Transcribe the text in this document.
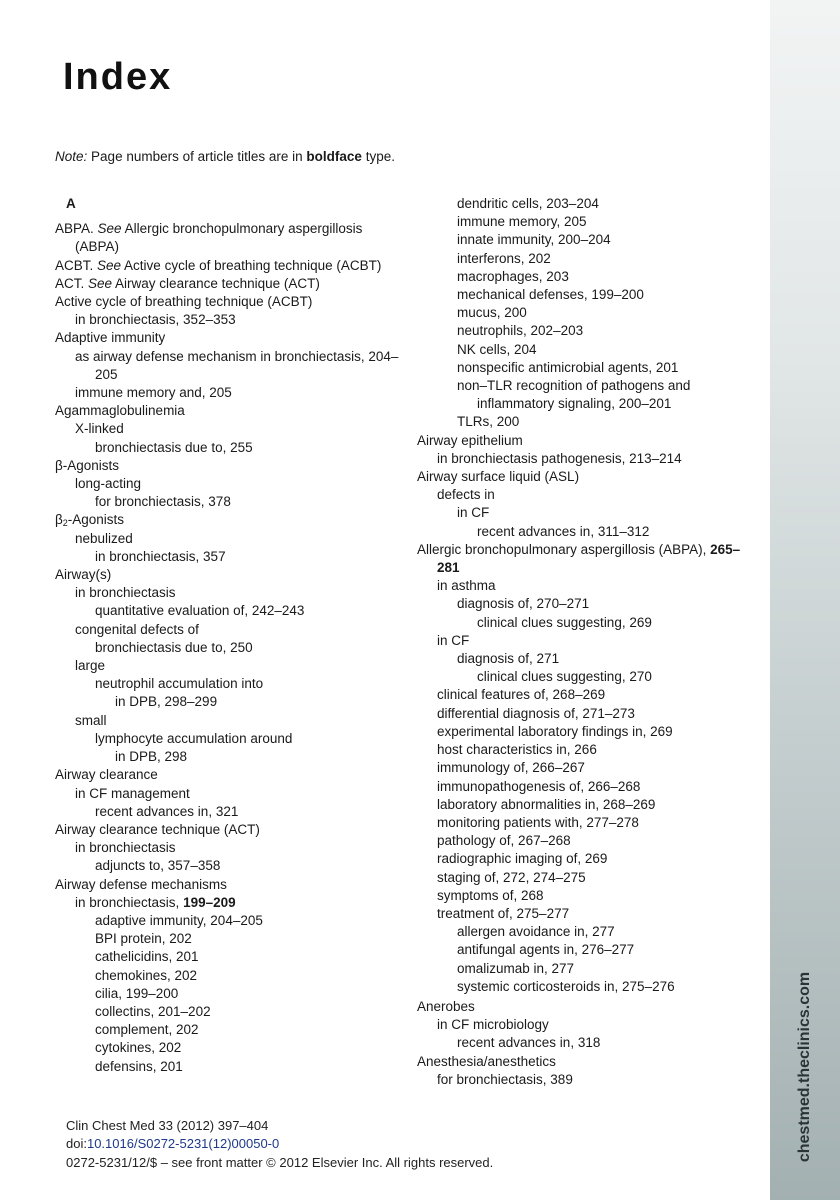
chestmed.theclinics.com
Index
Note: Page numbers of article titles are in boldface type.
A
ABPA. See Allergic bronchopulmonary aspergillosis (ABPA)
ACBT. See Active cycle of breathing technique (ACBT)
ACT. See Airway clearance technique (ACT)
Active cycle of breathing technique (ACBT)
in bronchiectasis, 352–353
Adaptive immunity
as airway defense mechanism in bronchiectasis, 204–205
immune memory and, 205
Agammaglobulinemia
X-linked
bronchiectasis due to, 255
β-Agonists
long-acting
for bronchiectasis, 378
$\beta_2$-Agonists
nebulized
in bronchiectasis, 357
Airway(s)
in bronchiectasis
quantitative evaluation of, 242–243
congenital defects of
bronchiectasis due to, 250
large
neutrophil accumulation into
in DPB, 298–299
small
lymphocyte accumulation around
in DPB, 298
Airway clearance
in CF management
recent advances in, 321
Airway clearance technique (ACT)
in bronchiectasis
adjuncts to, 357–358
Airway defense mechanisms
in bronchiectasis, 199–209
adaptive immunity, 204–205
BPI protein, 202
cathelicidins, 201
chemokines, 202
cilia, 199–200
collectins, 201–202
complement, 202
cytokines, 202
defensins, 201
dendritic cells, 203–204
immune memory, 205
innate immunity, 200–204
interferons, 202
macrophages, 203
mechanical defenses, 199–200
mucus, 200
neutrophils, 202–203
NK cells, 204
nonspecific antimicrobial agents, 201
non–TLR recognition of pathogens and inflammatory signaling, 200–201
TLRs, 200
Airway epithelium
in bronchiectasis pathogenesis, 213–214
Airway surface liquid (ASL)
defects in
in CF
recent advances in, 311–312
Allergic bronchopulmonary aspergillosis (ABPA), 265–281
in asthma
diagnosis of, 270–271
clinical clues suggesting, 269
in CF
diagnosis of, 271
clinical clues suggesting, 270
clinical features of, 268–269
differential diagnosis of, 271–273
experimental laboratory findings in, 269
host characteristics in, 266
immunology of, 266–267
immunopathogenesis of, 266–268
laboratory abnormalities in, 268–269
monitoring patients with, 277–278
pathology of, 267–268
radiographic imaging of, 269
staging of, 272, 274–275
symptoms of, 268
treatment of, 275–277
allergen avoidance in, 277
antifungal agents in, 276–277
omalizumab in, 277
systemic corticosteroids in, 275–276
Anerobes
in CF microbiology
recent advances in, 318
Anesthesia/anesthetics
for bronchiectasis, 389
Clin Chest Med 33 (2012) 397–404
doi:10.1016/S0272-5231(12)00050-0
0272-5231/12/$ – see front matter © 2012 Elsevier Inc. All rights reserved.
